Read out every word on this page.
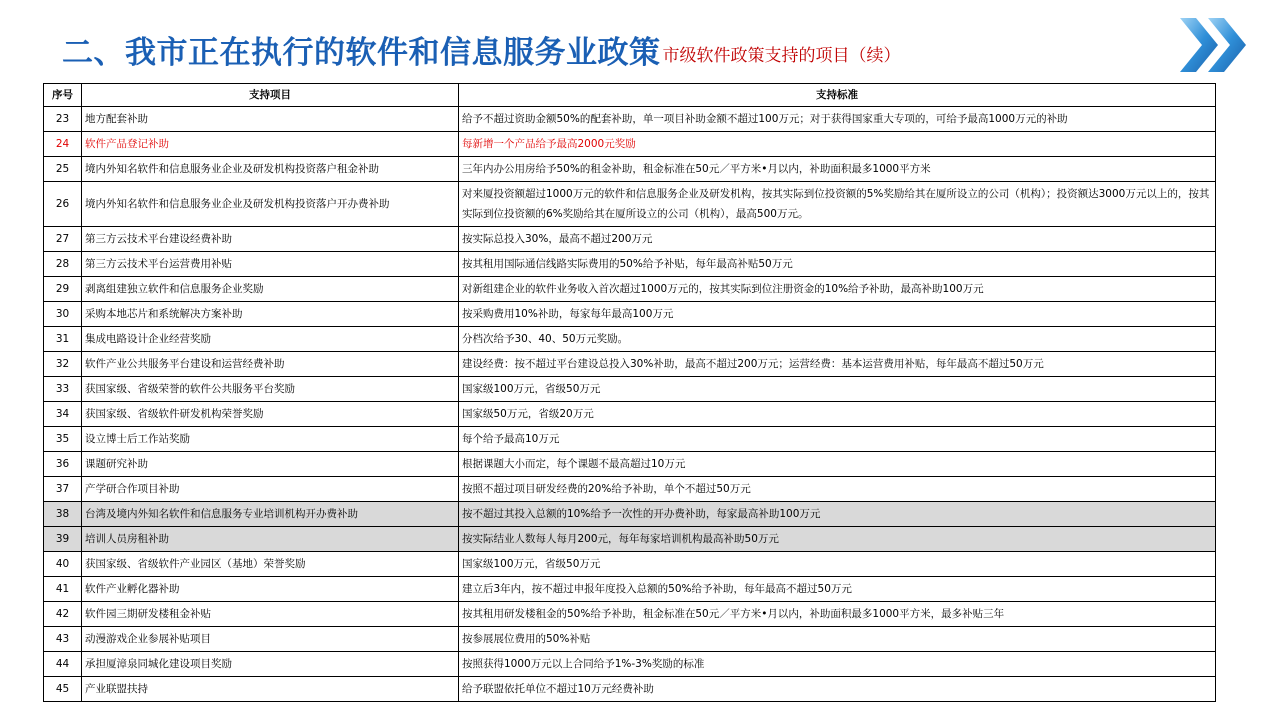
二、我市正在执行的软件和信息服务业政策 市级软件政策支持的项目（续）
序号	支持项目	支持标准
23	地方配套补助	给予不超过资助金额50%的配套补助，单一项目补助金额不超过100万元；对于获得国家重大专项的，可给予最高1000万元的补助
24	软件产品登记补助	每新增一个产品给予最高2000元奖励
25	境内外知名软件和信息服务业企业及研发机构投资落户租金补助	三年内办公用房给予50%的租金补助，租金标准在50元／平方米•月以内，补助面积最多1000平方米
26	境内外知名软件和信息服务业企业及研发机构投资落户开办费补助	对来厦投资额超过1000万元的软件和信息服务企业及研发机构，按其实际到位投资额的5%奖励给其在厦所设立的公司（机构）；投资额达3000万元以上的，按其实际到位投资额的6%奖励给其在厦所设立的公司（机构），最高500万元。
27	第三方云技术平台建设经费补助	按实际总投入30%，最高不超过200万元
28	第三方云技术平台运营费用补贴	按其租用国际通信线路实际费用的50%给予补贴，每年最高补贴50万元
29	剥离组建独立软件和信息服务企业奖励	对新组建企业的软件业务收入首次超过1000万元的，按其实际到位注册资金的10%给予补助，最高补助100万元
30	采购本地芯片和系统解决方案补助	按采购费用10%补助，每家每年最高100万元
31	集成电路设计企业经营奖励	分档次给予30、40、50万元奖励。
32	软件产业公共服务平台建设和运营经费补助	建设经费：按不超过平台建设总投入30%补助，最高不超过200万元；运营经费：基本运营费用补贴，每年最高不超过50万元
33	获国家级、省级荣誉的软件公共服务平台奖励	国家级100万元，省级50万元
34	获国家级、省级软件研发机构荣誉奖励	国家级50万元，省级20万元
35	设立博士后工作站奖励	每个给予最高10万元
36	课题研究补助	根据课题大小而定，每个课题不最高超过10万元
37	产学研合作项目补助	按照不超过项目研发经费的20%给予补助，单个不超过50万元
38	台湾及境内外知名软件和信息服务专业培训机构开办费补助	按不超过其投入总额的10%给予一次性的开办费补助，每家最高补助100万元
39	培训人员房租补助	按实际结业人数每人每月200元，每年每家培训机构最高补助50万元
40	获国家级、省级软件产业园区（基地）荣誉奖励	国家级100万元，省级50万元
41	软件产业孵化器补助	建立后3年内，按不超过申报年度投入总额的50%给予补助，每年最高不超过50万元
42	软件园三期研发楼租金补贴	按其租用研发楼租金的50%给予补助，租金标准在50元／平方米•月以内，补助面积最多1000平方米，最多补贴三年
43	动漫游戏企业参展补贴项目	按参展展位费用的50%补贴
44	承担厦漳泉同城化建设项目奖励	按照获得1000万元以上合同给予1%-3%奖励的标准
45	产业联盟扶持	给予联盟依托单位不超过10万元经费补助
